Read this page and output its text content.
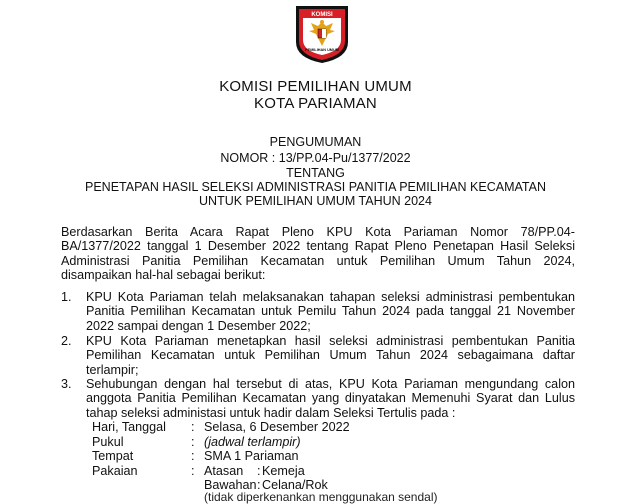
KOMISI
PEMILIHAN UMUM
KOMISI PEMILIHAN UMUM
KOTA PARIAMAN
PENGUMUMAN
NOMOR : 13/PP.04-Pu/1377/2022
TENTANG
PENETAPAN HASIL SELEKSI ADMINISTRASI PANITIA PEMILIHAN KECAMATAN
UNTUK PEMILIHAN UMUM TAHUN 2024
Berdasarkan Berita Acara Rapat Pleno KPU Kota Pariaman Nomor 78/PP.04-
BA/1377/2022 tanggal 1 Desember 2022 tentang Rapat Pleno Penetapan Hasil Seleksi
Administrasi Panitia Pemilihan Kecamatan untuk Pemilihan Umum Tahun 2024,
disampaikan hal-hal sebagai berikut:
1. KPU Kota Pariaman telah melaksanakan tahapan seleksi administrasi pembentukan
Panitia Pemilihan Kecamatan untuk Pemilu Tahun 2024 pada tanggal 21 November
2022 sampai dengan 1 Desember 2022;
2. KPU Kota Pariaman menetapkan hasil seleksi administrasi pembentukan Panitia
Pemilihan Kecamatan untuk Pemilihan Umum Tahun 2024 sebagaimana daftar
terlampir;
3. Sehubungan dengan hal tersebut di atas, KPU Kota Pariaman mengundang calon
anggota Panitia Pemilihan Kecamatan yang dinyatakan Memenuhi Syarat dan Lulus
tahap seleksi administasi untuk hadir dalam Seleksi Tertulis pada :
Hari, Tanggal : Selasa, 6 Desember 2022
Pukul	: (jadwal terlampir)
Tempat	: SMA 1 Pariaman
Pakaian	: Atasan : Kemeja
Bawahan : Celana/Rok
(tidak diperkenankan menggunakan sendal)
